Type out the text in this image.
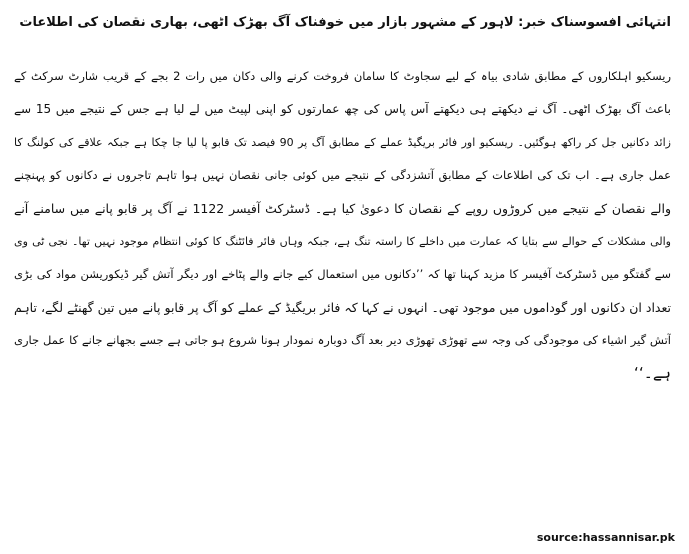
انتہائی افسوسناک خبر: لاہور کے مشہور بازار میں خوفناک آگ بھڑک اٹھی، بھاری نقصان کی اطلاعات
ریسکیو اہلکاروں کے مطابق شادی بیاہ کے لیے سجاوٹ کا سامان فروخت کرنے والی دکان میں رات 2 بجے کے قریب شارٹ سرکٹ کے
باعث آگ بھڑک اٹھی۔ آگ نے دیکھتے ہی دیکھتے آس پاس کی چھ عمارتوں کو اپنی لپیٹ میں لے لیا ہے جس کے نتیجے میں 15 سے
زائد دکانیں جل کر راکھ ہوگئیں۔ ریسکیو اور فائر بریگیڈ عملے کے مطابق آگ پر 90 فیصد تک قابو پا لیا جا چکا ہے جبکہ علاقے کی کولنگ کا
عمل جاری ہے۔ اب تک کی اطلاعات کے مطابق آتشزدگی کے نتیجے میں کوئی جانی نقصان نہیں ہوا تاہم تاجروں نے دکانوں کو پہنچنے
والے نقصان کے نتیجے میں کروڑوں روپے کے نقصان کا دعویٰ کیا ہے۔ ڈسٹرکٹ آفیسر 1122 نے آگ پر قابو پانے میں سامنے آنے
والی مشکلات کے حوالے سے بتایا کہ عمارت میں داخلے کا راستہ تنگ ہے، جبکہ وہاں فائر فائٹنگ کا کوئی انتظام موجود نہیں تھا۔ نجی ٹی وی
سے گفتگو میں ڈسٹرکٹ آفیسر کا مزید کہنا تھا کہ ’’دکانوں میں استعمال کیے جانے والے پٹاخے اور دیگر آتش گیر ڈیکوریشن مواد کی بڑی
تعداد ان دکانوں اور گوداموں میں موجود تھی۔ انہوں نے کہا کہ فائر بریگیڈ کے عملے کو آگ پر قابو پانے میں تین گھنٹے لگے، تاہم
آتش گیر اشیاء کی موجودگی کی وجہ سے تھوڑی تھوڑی دیر بعد آگ دوبارہ نمودار ہونا شروع ہو جاتی ہے جسے بجھانے جانے کا عمل جاری
ہے۔‘‘
source:hassannisar.pk
